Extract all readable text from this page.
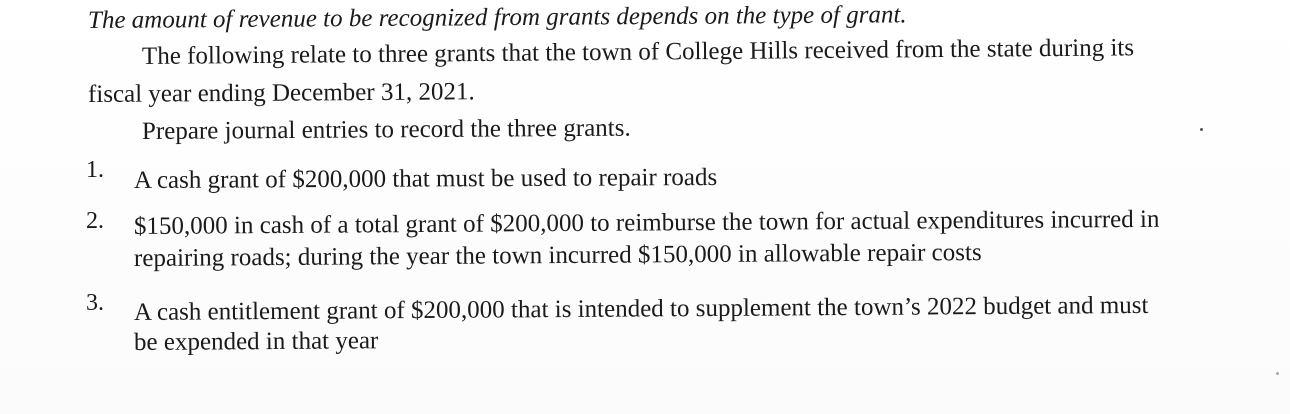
The amount of revenue to be recognized from grants depends on the type of grant.
The following relate to three grants that the town of College Hills received from the state during its
fiscal year ending December 31, 2021.
Prepare journal entries to record the three grants.
1. A cash grant of $200,000 that must be used to repair roads
2. $150,000 in cash of a total grant of $200,000 to reimburse the town for actual expenditures incurred in
repairing roads; during the year the town incurred $150,000 in allowable repair costs
3. A cash entitlement grant of $200,000 that is intended to supplement the town’s 2022 budget and must
be expended in that year
